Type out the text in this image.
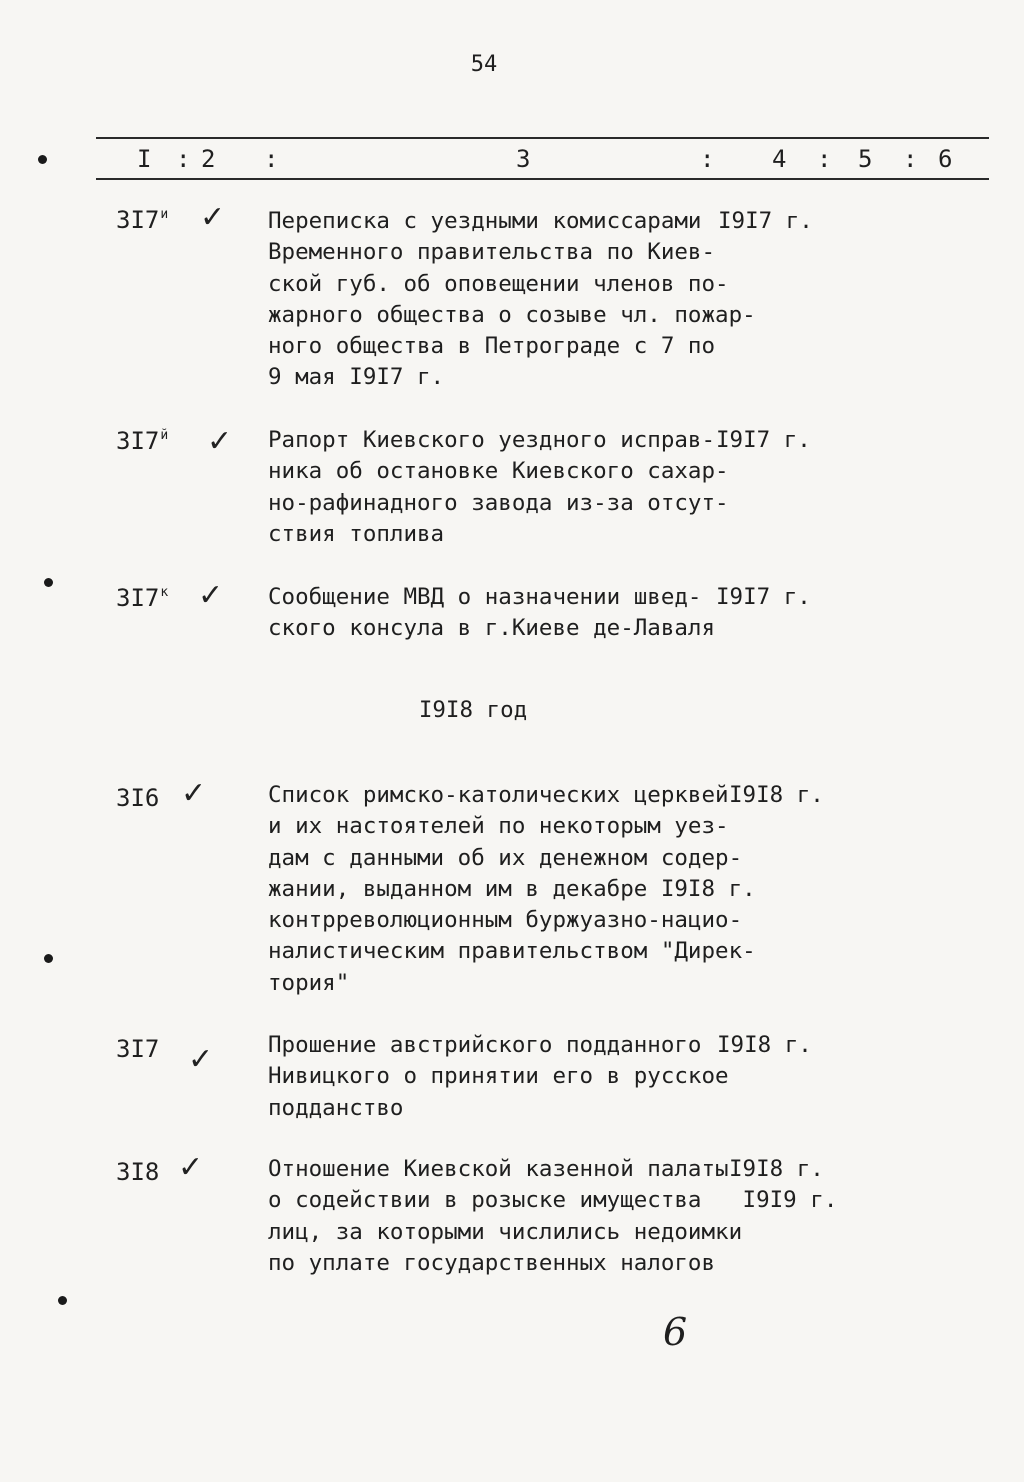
54
I : 2 :	3	: 4 : 5 : 6
$3I7^и$ ✓ Переписка с уездными комиссарами
Временного правительства по Киев-
ской губ. об оповещении членов по-
жарного общества о созыве чл. пожар-
ного общества в Петрограде с 7 по
9 мая I9I7 г.
I9I7 г.
$3I7^й$ ✓ Рапорт Киевского уездного исправ-
ника об остановке Киевского сахар-
но-рафинадного завода из-за отсут-
ствия топлива
I9I7 г.
$3I7^к$ ✓ Сообщение МВД о назначении швед-
ского консула в г.Киеве де-Лаваля
I9I7 г.
I9I8 год
3I6 ✓	Список римско-католических церквей
и их настоятелей по некоторым уез-
дам с данными об их денежном содер-
жании, выданном им в декабре I9I8 г.
контрреволюционным буржуазно-нацио-
налистическим правительством "Дирек-
тория"
I9I8 г.
3I7 ✓ Прошение австрийского подданного
Нивицкого о принятии его в русское
подданство
I9I8 г.
3I8 ✓	Отношение Киевской казенной палаты
о содействии в розыске имущества
лиц, за которыми числились недоимки
по уплате государственных налогов
I9I8 г.
I9I9 г.
6
